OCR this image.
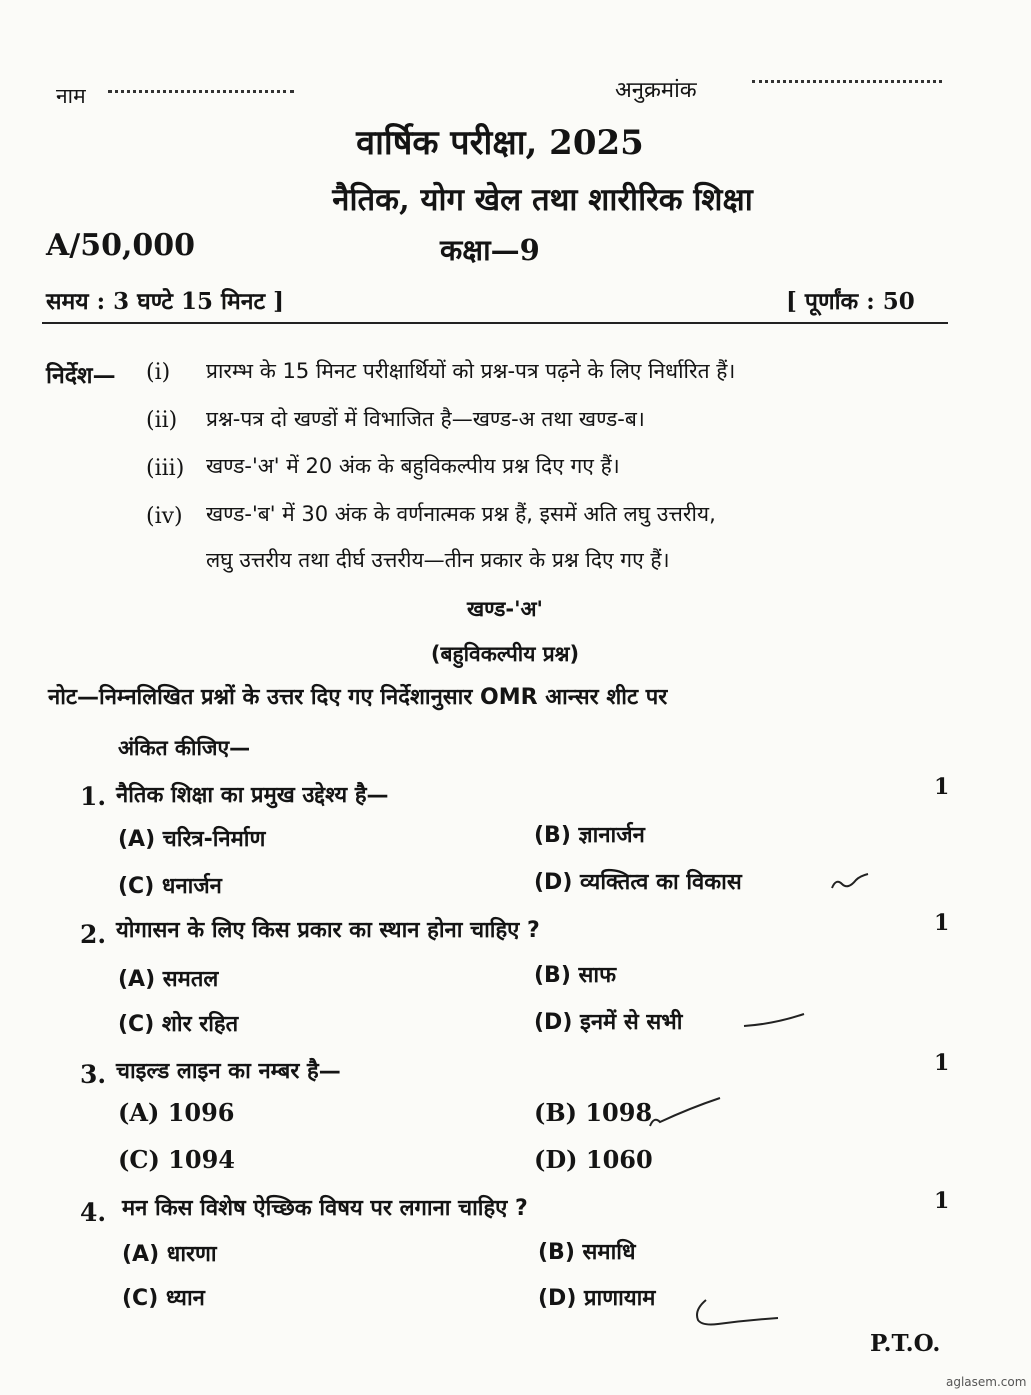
नाम	अनुक्रमांक
वार्षिक परीक्षा, 2025
नैतिक, योग खेल तथा शारीरिक शिक्षा
A/50,000	कक्षा—9
समय : 3 घण्टे 15 मिनट ]	[ पूर्णांक : 50
निर्देश— (i) प्रारम्भ के 15 मिनट परीक्षार्थियों को प्रश्न-पत्र पढ़ने के लिए निर्धारित हैं।
(ii) प्रश्न-पत्र दो खण्डों में विभाजित है—खण्ड-अ तथा खण्ड-ब।
(iii) खण्ड-'अ' में 20 अंक के बहुविकल्पीय प्रश्न दिए गए हैं।
(iv) खण्ड-'ब' में 30 अंक के वर्णनात्मक प्रश्न हैं, इसमें अति लघु उत्तरीय,
लघु उत्तरीय तथा दीर्घ उत्तरीय—तीन प्रकार के प्रश्न दिए गए हैं।
खण्ड-'अ'
(बहुविकल्पीय प्रश्न)
नोट—निम्नलिखित प्रश्नों के उत्तर दिए गए निर्देशानुसार OMR आन्सर शीट पर
अंकित कीजिए—
1. नैतिक शिक्षा का प्रमुख उद्देश्य है—	1
(A) चरित्र-निर्माण	(B) ज्ञानार्जन
(C) धनार्जन	(D) व्यक्तित्व का विकास
2. योगासन के लिए किस प्रकार का स्थान होना चाहिए ?	1
(A) समतल	(B) साफ
(C) शोर रहित	(D) इनमें से सभी
3. चाइल्ड लाइन का नम्बर है—	1
(A) 1096	(B) 1098
(C) 1094	(D) 1060
4. मन किस विशेष ऐच्छिक विषय पर लगाना चाहिए ?	1
(A) धारणा	(B) समाधि
(C) ध्यान	(D) प्राणायाम
P.T.O.
aglasem.com
